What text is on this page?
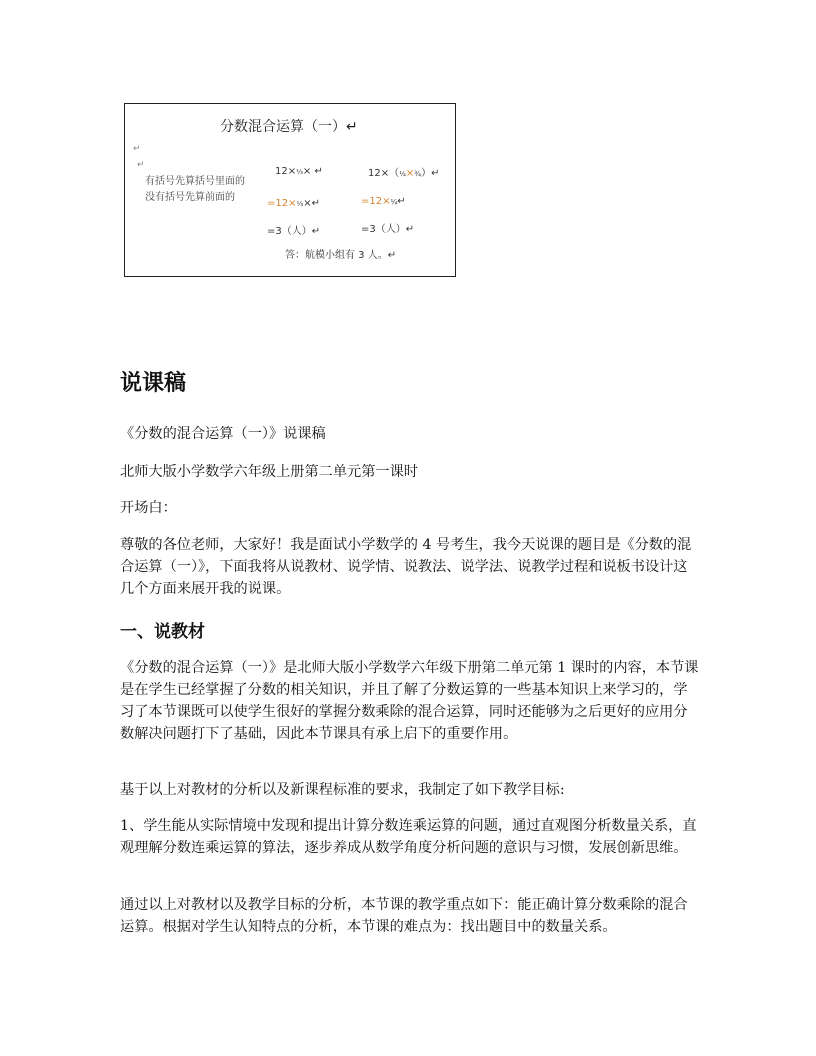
分数混合运算（一）↵
↵
↵
有括号先算括号里面的
没有括号先算前面的
12×⅓× ↵
=12×⅓×↵
=3（人）↵
12×（¼×¾）↵
=12×¼↵
=3（人）↵
答：航模小组有 3 人。↵
说课稿

《分数的混合运算（一）》说课稿

北师大版小学数学六年级上册第二单元第一课时

开场白：

尊敬的各位老师，大家好！我是面试小学数学的 4 号考生，我今天说课的题目是《分数的混合运算（一）》，下面我将从说教材、说学情、说教法、说学法、说教学过程和说板书设计这几个方面来展开我的说课。

一、说教材

《分数的混合运算（一）》是北师大版小学数学六年级下册第二单元第 1 课时的内容，本节课是在学生已经掌握了分数的相关知识，并且了解了分数运算的一些基本知识上来学习的，学习了本节课既可以使学生很好的掌握分数乘除的混合运算，同时还能够为之后更好的应用分数解决问题打下了基础，因此本节课具有承上启下的重要作用。

基于以上对教材的分析以及新课程标准的要求，我制定了如下教学目标:

1、学生能从实际情境中发现和提出计算分数连乘运算的问题，通过直观图分析数量关系，直观理解分数连乘运算的算法，逐步养成从数学角度分析问题的意识与习惯，发展创新思维。

通过以上对教材以及教学目标的分析，本节课的教学重点如下：能正确计算分数乘除的混合运算。根据对学生认知特点的分析，本节课的难点为：找出题目中的数量关系。
